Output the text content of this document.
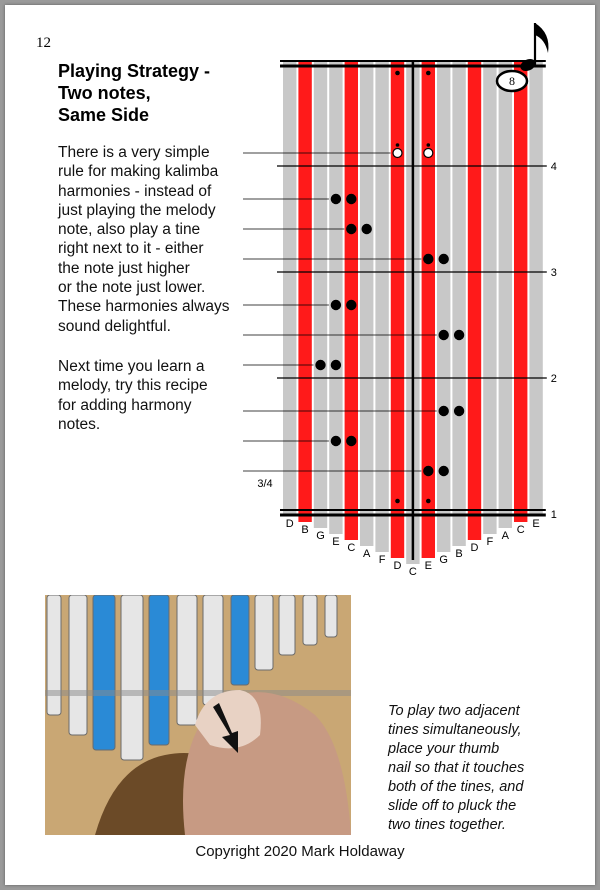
12
Playing Strategy -
Two notes,
Same Side
There is a very simple
rule for making kalimba
harmonies - instead of
just playing the melody
note, also play a tine
right next to it - either
the note just higher
or the note just lower.
These harmonies always
sound delightful.
Next time you learn a
melody, try this recipe
for adding harmony
notes.
D B G E C A F D C E G B D F A C E
4
3
2
1
3/4
8
To play two adjacent
tines simultaneously,
place your thumb
nail so that it touches
both of the tines, and
slide off to pluck the
two tines together.
Copyright 2020 Mark Holdaway
